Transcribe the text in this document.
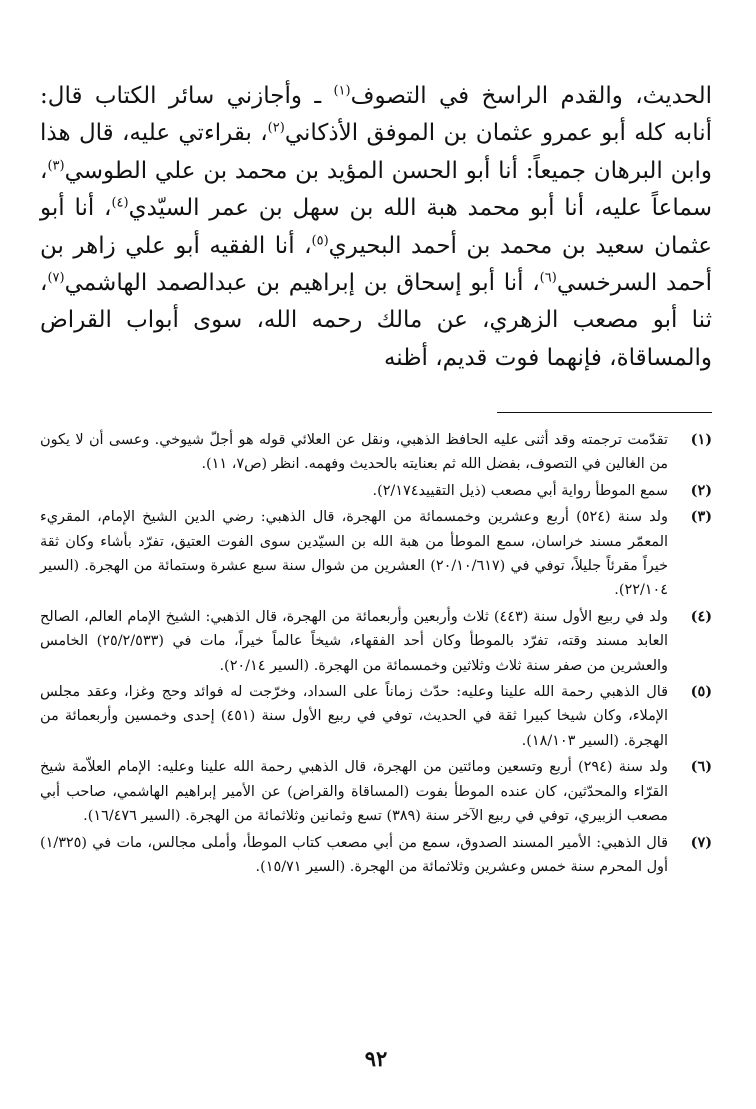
الحديث، والقدم الراسخ في التصوف$^{(١)}$ ـ وأجازني سائر الكتاب قال: أنابه كله أبو عمرو عثمان بن الموفق الأذكاني$^{(٢)}$، بقراءتي عليه، قال هذا وابن البرهان جميعاً: أنا أبو الحسن المؤيد بن محمد بن علي الطوسي$^{(٣)}$، سماعاً عليه، أنا أبو محمد هبة الله بن سهل بن عمر السيّدي$^{(٤)}$، أنا أبو عثمان سعيد بن محمد بن أحمد البحيري$^{(٥)}$، أنا الفقيه أبو علي زاهر بن أحمد السرخسي$^{(٦)}$، أنا أبو إسحاق بن إبراهيم بن عبدالصمد الهاشمي$^{(٧)}$، ثنا أبو مصعب الزهري، عن مالك رحمه الله، سوى أبواب القراض والمساقاة، فإنهما فوت قديم، أظنه

(١)
تقدّمت ترجمته وقد أثنى عليه الحافظ الذهبي، ونقل عن العلائي قوله هو أجلّ شيوخي. وعسى أن لا يكون من الغالين في التصوف، بفضل الله ثم بعنايته بالحديث وفهمه. انظر (ص٧، ١١).
(٢)
سمع الموطأ رواية أبي مصعب (ذيل التقييد٢/١٧٤).
(٣)
ولد سنة (٥٢٤) أربع وعشرين وخمسمائة من الهجرة، قال الذهبي: رضي الدين الشيخ الإمام، المقريء المعمّر مسند خراسان، سمع الموطأ من هبة الله بن السيّدين سوى الفوت العتيق، تفرّد بأشاء وكان ثقة خيراً مقرئاً جليلاً، توفي في (٢٠/١٠/٦١٧) العشرين من شوال سنة سبع عشرة وستمائة من الهجرة. (السير ٢٢/١٠٤).
(٤)
ولد في ربيع الأول سنة (٤٤٣) ثلاث وأربعين وأربعمائة من الهجرة، قال الذهبي: الشيخ الإمام العالم، الصالح العابد مسند وقته، تفرّد بالموطأ وكان أحد الفقهاء، شيخاً عالماً خيراً، مات في (٢٥/٢/٥٣٣) الخامس والعشرين من صفر سنة ثلاث وثلاثين وخمسمائة من الهجرة. (السير ٢٠/١٤).
(٥)
قال الذهبي رحمة الله علينا وعليه: حدّث زماناً على السداد، وخرّجت له فوائد وحج وغزا، وعقد مجلس الإملاء، وكان شيخا كبيرا ثقة في الحديث، توفي في ربيع الأول سنة (٤٥١) إحدى وخمسين وأربعمائة من الهجرة. (السير ١٨/١٠٣).
(٦)
ولد سنة (٢٩٤) أربع وتسعين ومائتين من الهجرة، قال الذهبي رحمة الله علينا وعليه: الإمام العلاّمة شيخ القرّاء والمحدّثين، كان عنده الموطأ بفوت (المساقاة والقراض) عن الأمير إبراهيم الهاشمي، صاحب أبي مصعب الزبيري، توفي في ربيع الآخر سنة (٣٨٩) تسع وثمانين وثلاثمائة من الهجرة. (السير ١٦/٤٧٦).
(٧)
قال الذهبي: الأمير المسند الصدوق، سمع من أبي مصعب كتاب الموطأ، وأملى مجالس، مات في (١/٣٢٥) أول المحرم سنة خمس وعشرين وثلاثمائة من الهجرة. (السير ١٥/٧١).
٩٢
